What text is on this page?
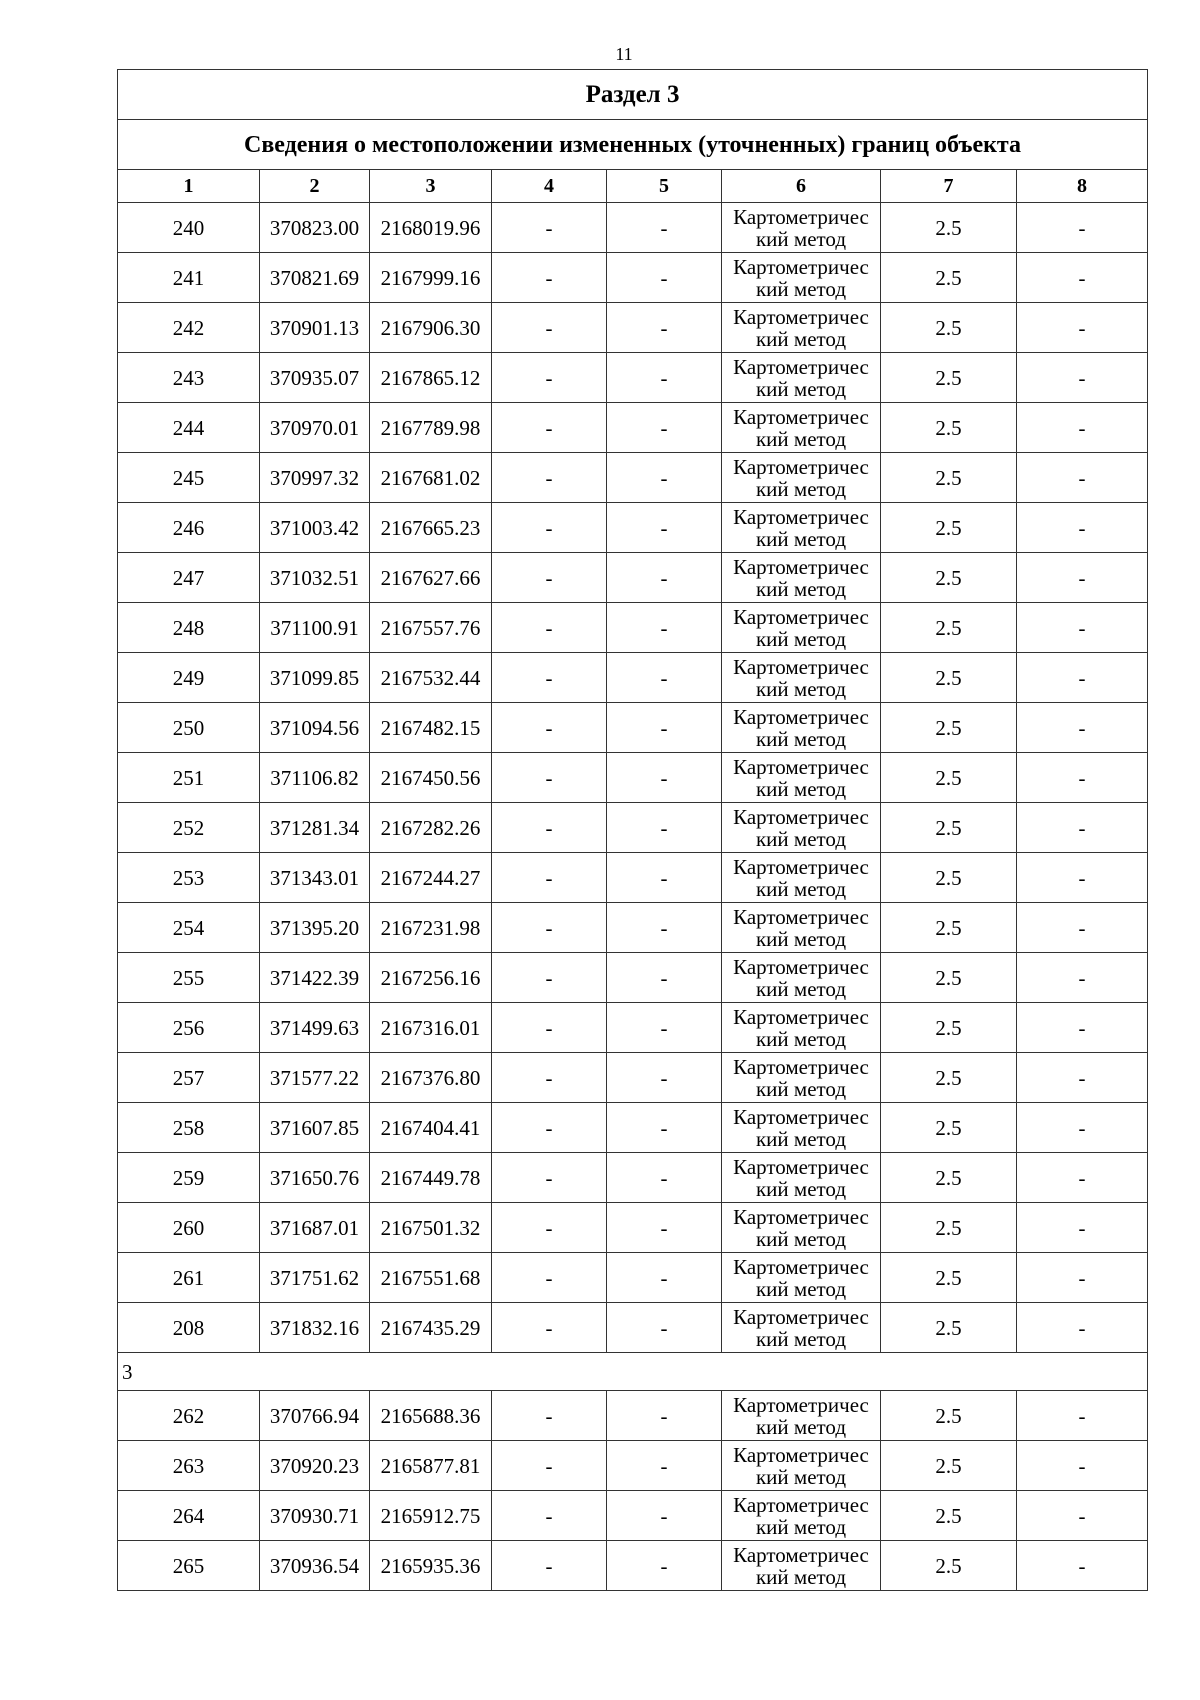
11
Раздел 3							
Сведения о местоположении измененных (уточненных) границ объекта							
1	2	3	4	5	6	7	8
240	370823.00	2168019.96	-	-	Картометричес кий метод	2.5	-
241	370821.69	2167999.16	-	-	Картометричес кий метод	2.5	-
242	370901.13	2167906.30	-	-	Картометричес кий метод	2.5	-
243	370935.07	2167865.12	-	-	Картометричес кий метод	2.5	-
244	370970.01	2167789.98	-	-	Картометричес кий метод	2.5	-
245	370997.32	2167681.02	-	-	Картометричес кий метод	2.5	-
246	371003.42	2167665.23	-	-	Картометричес кий метод	2.5	-
247	371032.51	2167627.66	-	-	Картометричес кий метод	2.5	-
248	371100.91	2167557.76	-	-	Картометричес кий метод	2.5	-
249	371099.85	2167532.44	-	-	Картометричес кий метод	2.5	-
250	371094.56	2167482.15	-	-	Картометричес кий метод	2.5	-
251	371106.82	2167450.56	-	-	Картометричес кий метод	2.5	-
252	371281.34	2167282.26	-	-	Картометричес кий метод	2.5	-
253	371343.01	2167244.27	-	-	Картометричес кий метод	2.5	-
254	371395.20	2167231.98	-	-	Картометричес кий метод	2.5	-
255	371422.39	2167256.16	-	-	Картометричес кий метод	2.5	-
256	371499.63	2167316.01	-	-	Картометричес кий метод	2.5	-
257	371577.22	2167376.80	-	-	Картометричес кий метод	2.5	-
258	371607.85	2167404.41	-	-	Картометричес кий метод	2.5	-
259	371650.76	2167449.78	-	-	Картометричес кий метод	2.5	-
260	371687.01	2167501.32	-	-	Картометричес кий метод	2.5	-
261	371751.62	2167551.68	-	-	Картометричес кий метод	2.5	-
208	371832.16	2167435.29	-	-	Картометричес кий метод	2.5	-
3							
262	370766.94	2165688.36	-	-	Картометричес кий метод	2.5	-
263	370920.23	2165877.81	-	-	Картометричес кий метод	2.5	-
264	370930.71	2165912.75	-	-	Картометричес кий метод	2.5	-
265	370936.54	2165935.36	-	-	Картометричес кий метод	2.5	-
